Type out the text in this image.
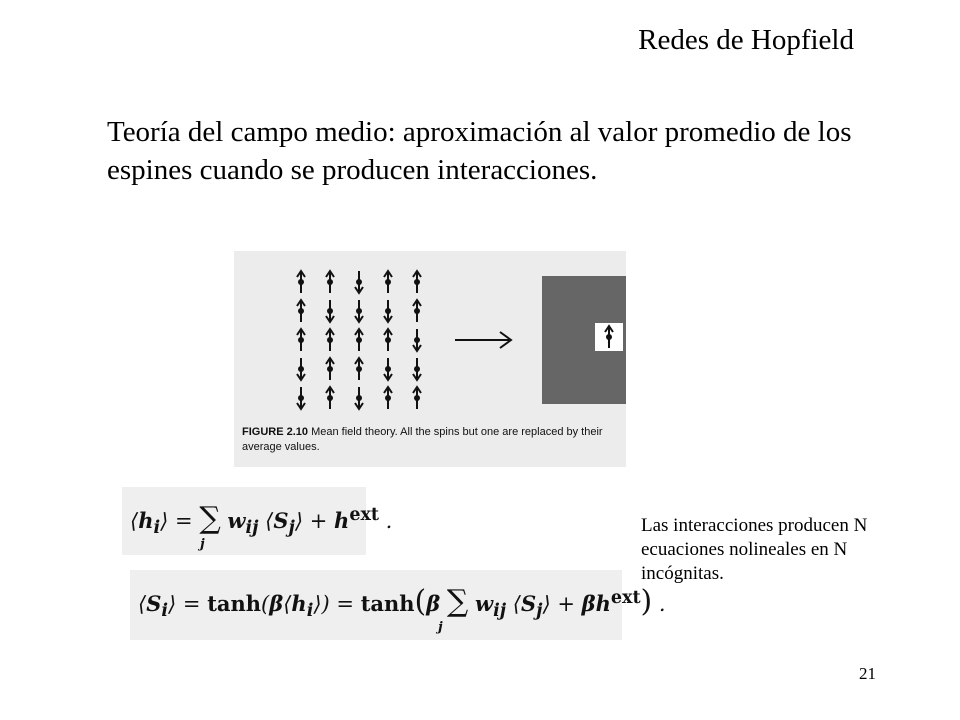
Redes de Hopfield
Teoría del campo medio: aproximación al valor promedio de los espines cuando se producen interacciones.
FIGURE 2.10 Mean field theory. All the spins but one are replaced by their average values.
$⟨h_i⟩$ = ∑ $w_{ij}$ $⟨S_j⟩ + h^{ext}$ .
j
$⟨S_i⟩$ = $\tanh(\beta⟨h_i⟩) = \tanh(\beta$ ∑ $w_{ij}$ $⟨S_j⟩ + \beta h^{ext}$) .
j
Las interacciones producen N ecuaciones nolineales en N incógnitas.
21
